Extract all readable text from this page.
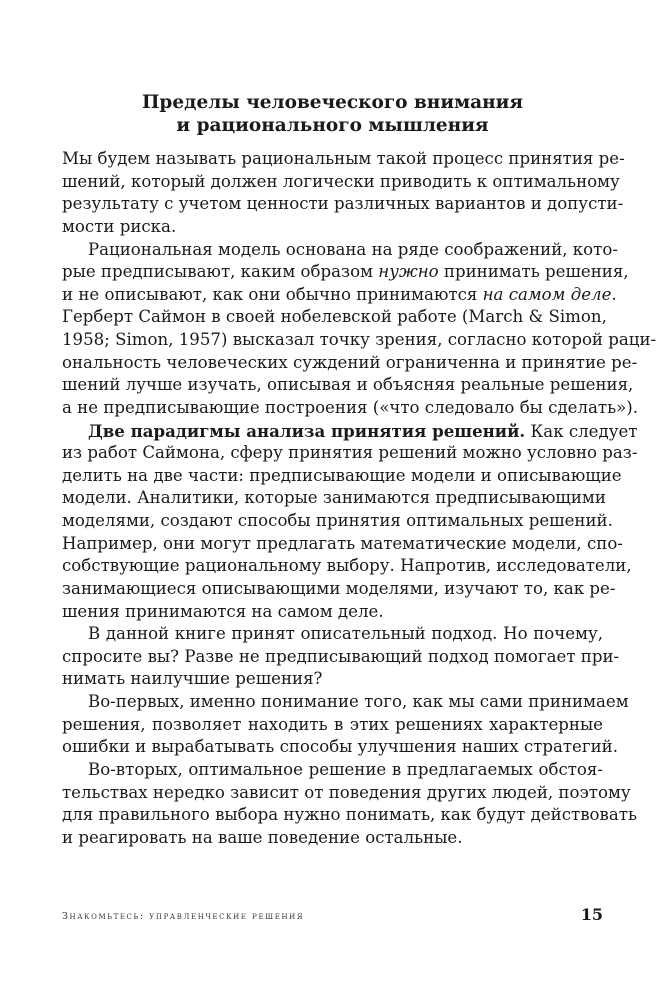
Пределы человеческого внимания
и рационального мышления
Мы будем называть рациональным такой процесс принятия ре-
шений, который должен логически приводить к оптимальному
результату с учетом ценности различных вариантов и допусти-
мости риска.
Рациональная модель основана на ряде соображений, кото-
рые предписывают, каким образом нужно принимать решения,
и не описывают, как они обычно принимаются на самом деле.
Герберт Саймон в своей нобелевской работе (March & Simon,
1958; Simon, 1957) высказал точку зрения, согласно которой раци-
ональность человеческих суждений ограниченна и принятие ре-
шений лучше изучать, описывая и объясняя реальные решения,
а не предписывающие построения («что следовало бы сделать»).
Две парадигмы анализа принятия решений. Как следует
из работ Саймона, сферу принятия решений можно условно раз-
делить на две части: предписывающие модели и описывающие
модели. Аналитики, которые занимаются предписывающими
моделями, создают способы принятия оптимальных решений.
Например, они могут предлагать математические модели, спо-
собствующие рациональному выбору. Напротив, исследователи,
занимающиеся описывающими моделями, изучают то, как ре-
шения принимаются на самом деле.
В данной книге принят описательный подход. Но почему,
спросите вы? Разве не предписывающий подход помогает при-
нимать наилучшие решения?
Во-первых, именно понимание того, как мы сами принимаем
решения, позволяет находить в этих решениях характерные
ошибки и вырабатывать способы улучшения наших стратегий.
Во-вторых, оптимальное решение в предлагаемых обстоя-
тельствах нередко зависит от поведения других людей, поэтому
для правильного выбора нужно понимать, как будут действовать
и реагировать на ваше поведение остальные.
Знакомьтесь: управленческие решения	15
